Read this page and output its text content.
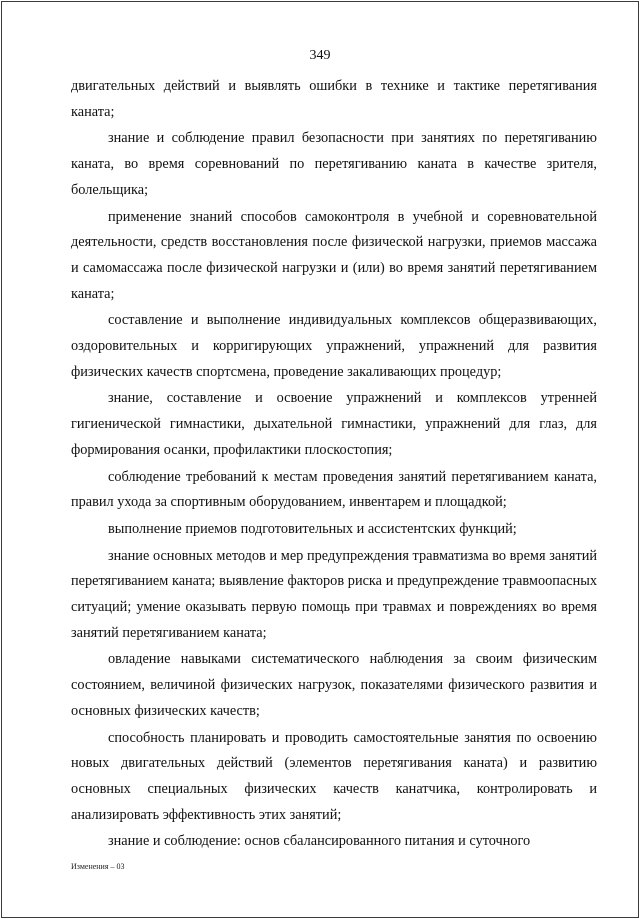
349

двигательных действий и выявлять ошибки в технике и тактике перетягивания каната;

знание и соблюдение правил безопасности при занятиях по перетягиванию каната, во время соревнований по перетягиванию каната в качестве зрителя, болельщика;

применение знаний способов самоконтроля в учебной и соревновательной деятельности, средств восстановления после физической нагрузки, приемов массажа и самомассажа после физической нагрузки и (или) во время занятий перетягиванием каната;

составление и выполнение индивидуальных комплексов общеразвивающих, оздоровительных и корригирующих упражнений, упражнений для развития физических качеств спортсмена, проведение закаливающих процедур;

знание, составление и освоение упражнений и комплексов утренней гигиенической гимнастики, дыхательной гимнастики, упражнений для глаз, для формирования осанки, профилактики плоскостопия;

соблюдение требований к местам проведения занятий перетягиванием каната, правил ухода за спортивным оборудованием, инвентарем и площадкой;

выполнение приемов подготовительных и ассистентских функций;

знание основных методов и мер предупреждения травматизма во время занятий перетягиванием каната; выявление факторов риска и предупреждение травмоопасных ситуаций; умение оказывать первую помощь при травмах и повреждениях во время занятий перетягиванием каната;

овладение навыками систематического наблюдения за своим физическим состоянием, величиной физических нагрузок, показателями физического развития и основных физических качеств;

способность планировать и проводить самостоятельные занятия по освоению новых двигательных действий (элементов перетягивания каната) и развитию основных специальных физических качеств канатчика, контролировать и анализировать эффективность этих занятий;

знание и соблюдение: основ сбалансированного питания и суточного

Изменения – 03
